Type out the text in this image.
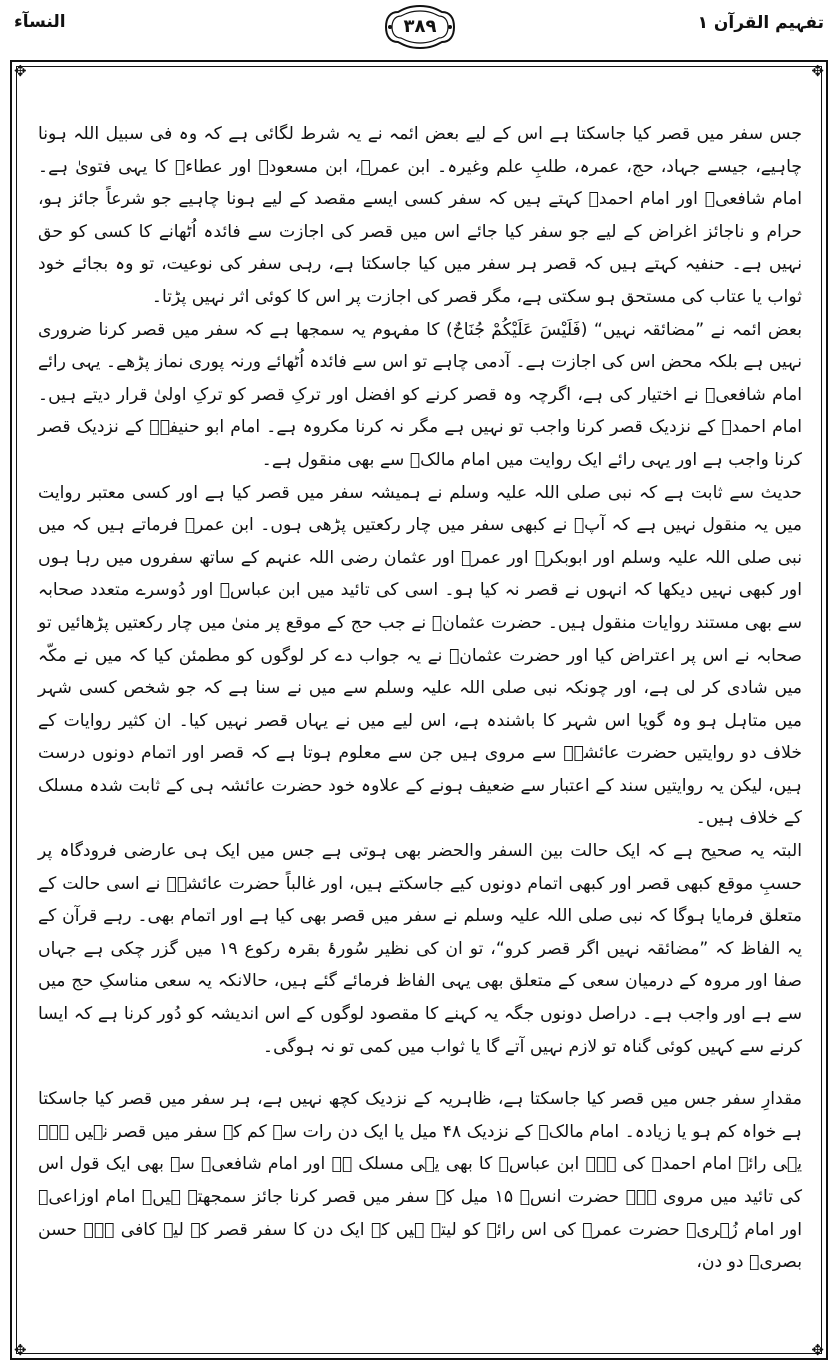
النسآء	۳۸۹	تفہیم القرآن ۱
✥	✥
✥	✥

جس سفر میں قصر کیا جاسکتا ہے اس کے لیے بعض ائمہ نے یہ شرط لگائی ہے کہ وہ فی سبیل اللہ ہونا چاہیے، جیسے جہاد، حج، عمرہ، طلبِ علم وغیرہ۔ ابن عمرؓ، ابن مسعودؓ اور عطاءؒ کا یہی فتویٰ ہے۔ امام شافعیؒ اور امام احمدؒ کہتے ہیں کہ سفر کسی ایسے مقصد کے لیے ہونا چاہیے جو شرعاً جائز ہو، حرام و ناجائز اغراض کے لیے جو سفر کیا جائے اس میں قصر کی اجازت سے فائدہ اُٹھانے کا کسی کو حق نہیں ہے۔ حنفیہ کہتے ہیں کہ قصر ہر سفر میں کیا جاسکتا ہے، رہی سفر کی نوعیت، تو وہ بجائے خود ثواب یا عتاب کی مستحق ہو سکتی ہے، مگر قصر کی اجازت پر اس کا کوئی اثر نہیں پڑتا۔

بعض ائمہ نے ”مضائقہ نہیں“ (فَلَيْسَ عَلَيْكُمْ جُنَاحٌ) کا مفہوم یہ سمجھا ہے کہ سفر میں قصر کرنا ضروری نہیں ہے بلکہ محض اس کی اجازت ہے۔ آدمی چاہے تو اس سے فائدہ اُٹھائے ورنہ پوری نماز پڑھے۔ یہی رائے امام شافعیؒ نے اختیار کی ہے، اگرچہ وہ قصر کرنے کو افضل اور ترکِ قصر کو ترکِ اولیٰ قرار دیتے ہیں۔ امام احمدؒ کے نزدیک قصر کرنا واجب تو نہیں ہے مگر نہ کرنا مکروہ ہے۔ امام ابو حنیفہؒ کے نزدیک قصر کرنا واجب ہے اور یہی رائے ایک روایت میں امام مالکؒ سے بھی منقول ہے۔

حدیث سے ثابت ہے کہ نبی صلی اللہ علیہ وسلم نے ہمیشہ سفر میں قصر کیا ہے اور کسی معتبر روایت میں یہ منقول نہیں ہے کہ آپؐ نے کبھی سفر میں چار رکعتیں پڑھی ہوں۔ ابن عمرؓ فرماتے ہیں کہ میں نبی صلی اللہ علیہ وسلم اور ابوبکرؓ اور عمرؓ اور عثمان رضی اللہ عنہم کے ساتھ سفروں میں رہا ہوں اور کبھی نہیں دیکھا کہ انہوں نے قصر نہ کیا ہو۔ اسی کی تائید میں ابن عباسؓ اور دُوسرے متعدد صحابہ سے بھی مستند روایات منقول ہیں۔ حضرت عثمانؓ نے جب حج کے موقع پر منیٰ میں چار رکعتیں پڑھائیں تو صحابہ نے اس پر اعتراض کیا اور حضرت عثمانؓ نے یہ جواب دے کر لوگوں کو مطمئن کیا کہ میں نے مکّہ میں شادی کر لی ہے، اور چونکہ نبی صلی اللہ علیہ وسلم سے میں نے سنا ہے کہ جو شخص کسی شہر میں متاہل ہو وہ گویا اس شہر کا باشندہ ہے، اس لیے میں نے یہاں قصر نہیں کیا۔ ان کثیر روایات کے خلاف دو روایتیں حضرت عائشہؓ سے مروی ہیں جن سے معلوم ہوتا ہے کہ قصر اور اتمام دونوں درست ہیں، لیکن یہ روایتیں سند کے اعتبار سے ضعیف ہونے کے علاوہ خود حضرت عائشہ ہی کے ثابت شدہ مسلک کے خلاف ہیں۔

البتہ یہ صحیح ہے کہ ایک حالت بین السفر والحضر بھی ہوتی ہے جس میں ایک ہی عارضی فرودگاہ پر حسبِ موقع کبھی قصر اور کبھی اتمام دونوں کیے جاسکتے ہیں، اور غالباً حضرت عائشہؓ نے اسی حالت کے متعلق فرمایا ہوگا کہ نبی صلی اللہ علیہ وسلم نے سفر میں قصر بھی کیا ہے اور اتمام بھی۔ رہے قرآن کے یہ الفاظ کہ ”مضائقہ نہیں اگر قصر کرو“، تو ان کی نظیر سُورۂ بقرہ رکوع ۱۹ میں گزر چکی ہے جہاں صفا اور مروہ کے درمیان سعی کے متعلق بھی یہی الفاظ فرمائے گئے ہیں، حالانکہ یہ سعی مناسکِ حج میں سے ہے اور واجب ہے۔ دراصل دونوں جگہ یہ کہنے کا مقصود لوگوں کے اس اندیشہ کو دُور کرنا ہے کہ ایسا کرنے سے کہیں کوئی گناہ تو لازم نہیں آتے گا یا ثواب میں کمی تو نہ ہوگی۔

مقدارِ سفر جس میں قصر کیا جاسکتا ہے، ظاہریہ کے نزدیک کچھ نہیں ہے، ہر سفر میں قصر کیا جاسکتا ہے خواہ کم ہو یا زیادہ۔ امام مالکؒ کے نزدیک ۴۸ میل یا ایک دن رات سے کم کے سفر میں قصر نہیں ہے۔ یہی رائے امام احمدؒ کی ہے۔ ابن عباسؓ کا بھی یہی مسلک ہے اور امام شافعیؒ سے بھی ایک قول اس کی تائید میں مروی ہے۔ حضرت انسؓ ۱۵ میل کے سفر میں قصر کرنا جائز سمجھتے ہیں۔ امام اوزاعیؒ اور امام زُہریؒ حضرت عمرؓ کی اس رائے کو لیتے ہیں کہ ایک دن کا سفر قصر کے لیے کافی ہے۔ حسن بصریؒ دو دن،
